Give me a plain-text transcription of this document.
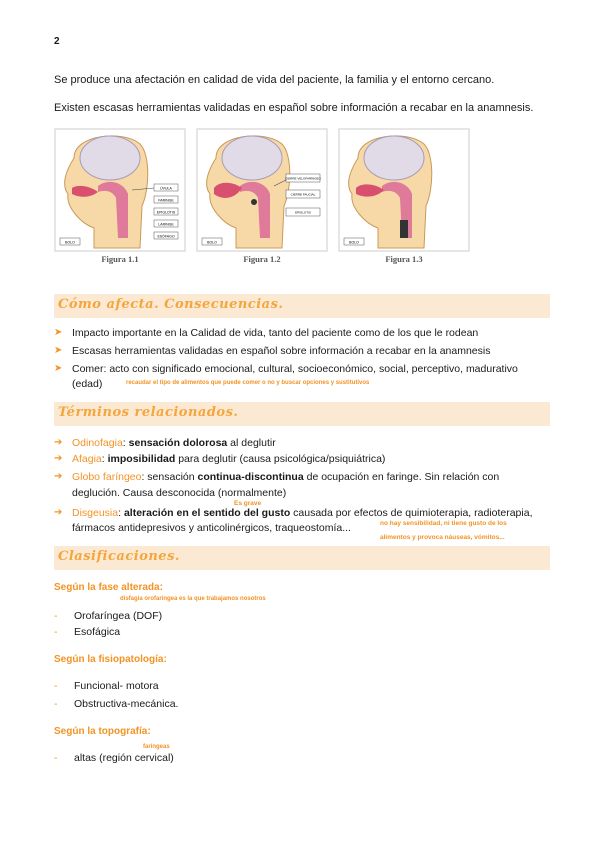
2
Se produce una afectación en calidad de vida del paciente, la familia y el entorno cercano.
Existen escasas herramientas validadas en español sobre información a recabar en la anamnesis.
ÚVULA
FARINGE
EPIGLOTIS
LARINGE
ESÓFAGO
BOLO
Figura 1.1
CIERRE VELOFARÍNGEO
CIERRE FAUCIAL
EPIGLOTIS
BOLO
Figura 1.2
BOLO
Figura 1.3
Cómo afecta. Consecuencias.
➤ Impacto importante en la Calidad de vida, tanto del paciente como de los que le rodean
➤ Escasas herramientas validadas en español sobre información a recabar en la anamnesis
➤ Comer: acto con significado emocional, cultural, socioeconómico, social, perceptivo, madurativo
(edad)	recaudar el tipo de alimentos que puede comer o no y buscar opciones y sustitutivos
Términos relacionados.
➔ Odinofagia: sensación dolorosa al deglutir
➔ Afagia: imposibilidad para deglutir (causa psicológica/psiquiátrica)
➔ Globo faríngeo: sensación continua-discontinua de ocupación en faringe. Sin relación con
deglución. Causa desconocida (normalmente)
Es grave
➔ Disgeusia: alteración en el sentido del gusto causada por efectos de quimioterapia, radioterapia,
fármacos antidepresivos y anticolinérgicos, traqueostomía...	no hay sensibilidad, ni tiene gusto de los
alimentos y provoca náuseas, vómitos...
Clasificaciones.
Según la fase alterada:
disfagia orofaríngea es la que trabajamos nosotros
- Orofaríngea (DOF)
- Esofágica
Según la fisiopatología:
- Funcional- motora
- Obstructiva-mecánica.
Según la topografía:
faríngeas
- altas (región cervical)
